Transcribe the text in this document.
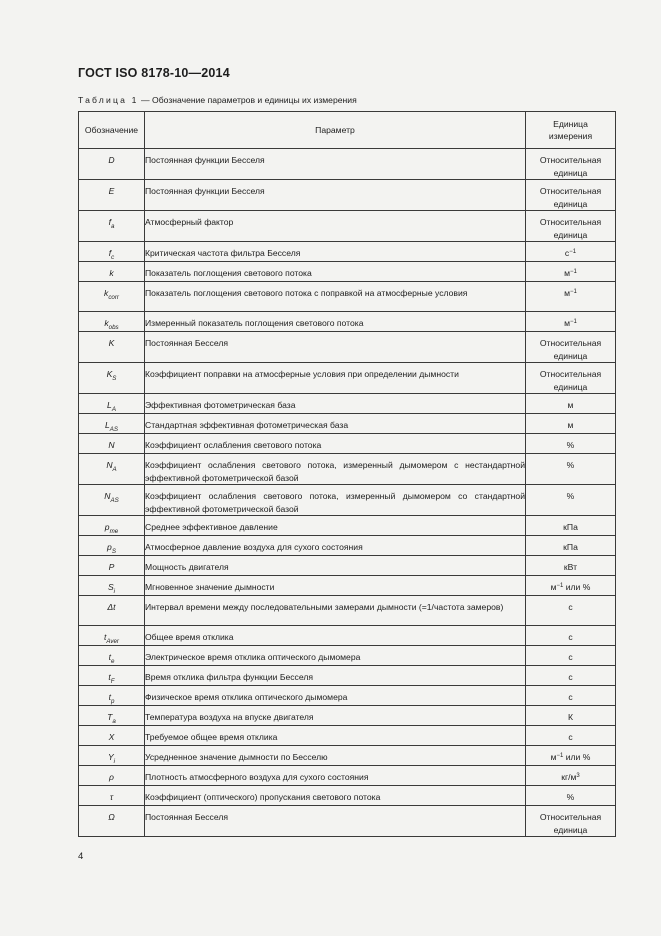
ГОСТ ISO 8178-10—2014
Таблица 1 — Обозначение параметров и единицы их измерения
Обозначение	Параметр	Единица измерения
D	Постоянная функции Бесселя	Относительная единица
E	Постоянная функции Бесселя	Относительная единица
$f_a$	Атмосферный фактор	Относительная единица
$f_c$	Критическая частота фильтра Бесселя	$с^{-1}$
k	Показатель поглощения светового потока	$м^{-1}$
$k_{corr}$	Показатель поглощения светового потока с поправкой на атмосферные условия	$м^{-1}$
$k_{obs}$	Измеренный показатель поглощения светового потока	$м^{-1}$
K	Постоянная Бесселя	Относительная единица
$K_S$	Коэффициент поправки на атмосферные условия при определении дымности	Относительная единица
$L_A$	Эффективная фотометрическая база	м
$L_{AS}$	Стандартная эффективная фотометрическая база	м
N	Коэффициент ослабления светового потока	%
$N_A$	Коэффициент ослабления светового потока, измеренный дымомером с нестандартной эффективной фотометрической базой	%
$N_{AS}$	Коэффициент ослабления светового потока, измеренный дымомером со стандартной эффективной фотометрической базой	%
$p_{me}$	Среднее эффективное давление	кПа
$p_S$	Атмосферное давление воздуха для сухого состояния	кПа
P	Мощность двигателя	кВт
$S_i$	Мгновенное значение дымности	$м^{-1}$ или %
Δt	Интервал времени между последовательными замерами дымности (=1/частота замеров)	с
$t_{Aver}$	Общее время отклика	с
$t_e$	Электрическое время отклика оптического дымомера	с
$t_F$	Время отклика фильтра функции Бесселя	с
$t_p$	Физическое время отклика оптического дымомера	с
$T_a$	Температура воздуха на впуске двигателя	К
X	Требуемое общее время отклика	с
$Y_i$	Усредненное значение дымности по Бесселю	$м^{-1}$ или %
ρ	Плотность атмосферного воздуха для сухого состояния	$кг/м^3$
τ	Коэффициент (оптического) пропускания светового потока	%
Ω	Постоянная Бесселя	Относительная единица
4
